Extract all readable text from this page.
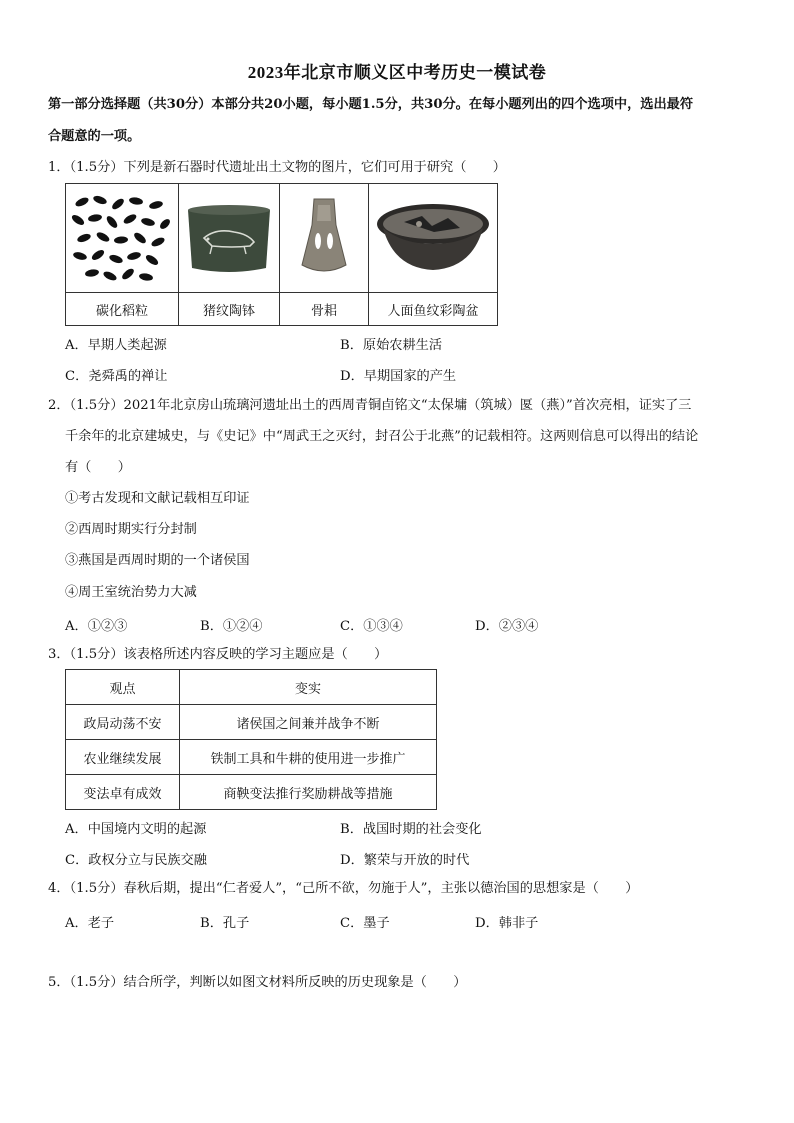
2023年北京市顺义区中考历史一模试卷
第一部分选择题（共30分）本部分共20小题，每小题1.5分，共30分。在每小题列出的四个选项中，选出最符
合题意的一项。
1．（1.5分）下列是新石器时代遗址出土文物的图片，它们可用于研究（　　）

碳化稻粒	猪纹陶钵	骨耜	人面鱼纹彩陶盆
A．早期人类起源	B．原始农耕生活
C．尧舜禹的禅让	D．早期国家的产生
2．（1.5分）2021年北京房山琉璃河遗址出土的西周青铜卣铭文“太保墉（筑城）匽（燕）”首次亮相，证实了三
千余年的北京建城史，与《史记》中“周武王之灭纣，封召公于北燕”的记载相符。这两则信息可以得出的结论
有（　　）
①考古发现和文献记载相互印证
②西周时期实行分封制
③燕国是西周时期的一个诸侯国
④周王室统治势力大减
A．①②③	B．①②④	C．①③④	D．②③④
3．（1.5分）该表格所述内容反映的学习主题应是（　　）
观点	变实
政局动荡不安	诸侯国之间兼并战争不断
农业继续发展	铁制工具和牛耕的使用进一步推广
变法卓有成效	商鞅变法推行奖励耕战等措施
A．中国境内文明的起源	B．战国时期的社会变化
C．政权分立与民族交融	D．繁荣与开放的时代
4．（1.5分）春秋后期，提出“仁者爱人”，“己所不欲，勿施于人”，主张以德治国的思想家是（　　）
A．老子	B．孔子	C．墨子	D．韩非子
5．（1.5分）结合所学，判断以如图文材料所反映的历史现象是（　　）
